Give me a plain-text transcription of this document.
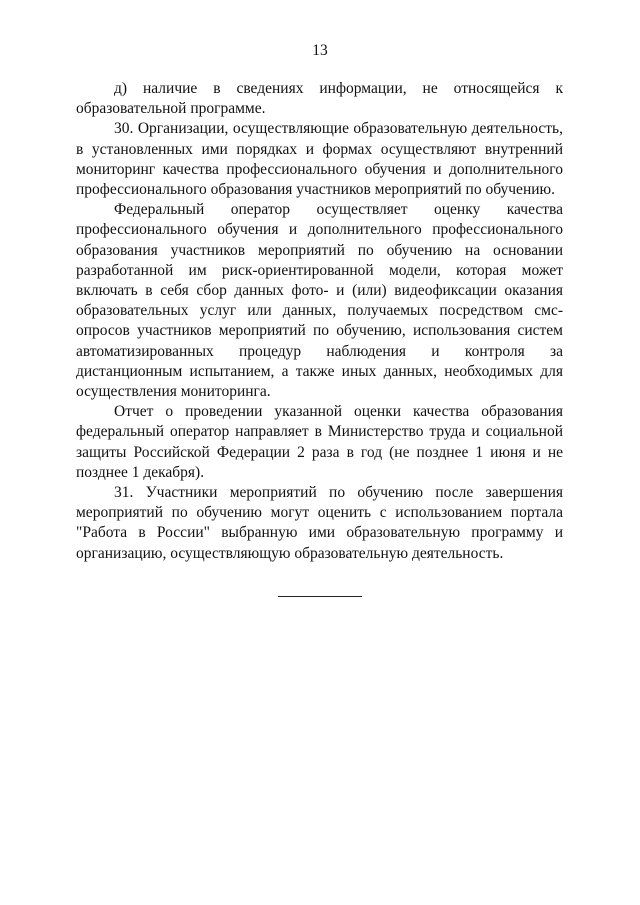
13

д) наличие в сведениях информации, не относящейся к образовательной программе.

30. Организации, осуществляющие образовательную деятельность, в установленных ими порядках и формах осуществляют внутренний мониторинг качества профессионального обучения и дополнительного профессионального образования участников мероприятий по обучению.

Федеральный оператор осуществляет оценку качества профессионального обучения и дополнительного профессионального образования участников мероприятий по обучению на основании разработанной им риск-ориентированной модели, которая может включать в себя сбор данных фото- и (или) видеофиксации оказания образовательных услуг или данных, получаемых посредством смс-опросов участников мероприятий по обучению, использования систем автоматизированных процедур наблюдения и контроля за дистанционным испытанием, а также иных данных, необходимых для осуществления мониторинга.

Отчет о проведении указанной оценки качества образования федеральный оператор направляет в Министерство труда и социальной защиты Российской Федерации 2 раза в год (не позднее 1 июня и не позднее 1 декабря).

31. Участники мероприятий по обучению после завершения мероприятий по обучению могут оценить с использованием портала "Работа в России" выбранную ими образовательную программу и организацию, осуществляющую образовательную деятельность.
